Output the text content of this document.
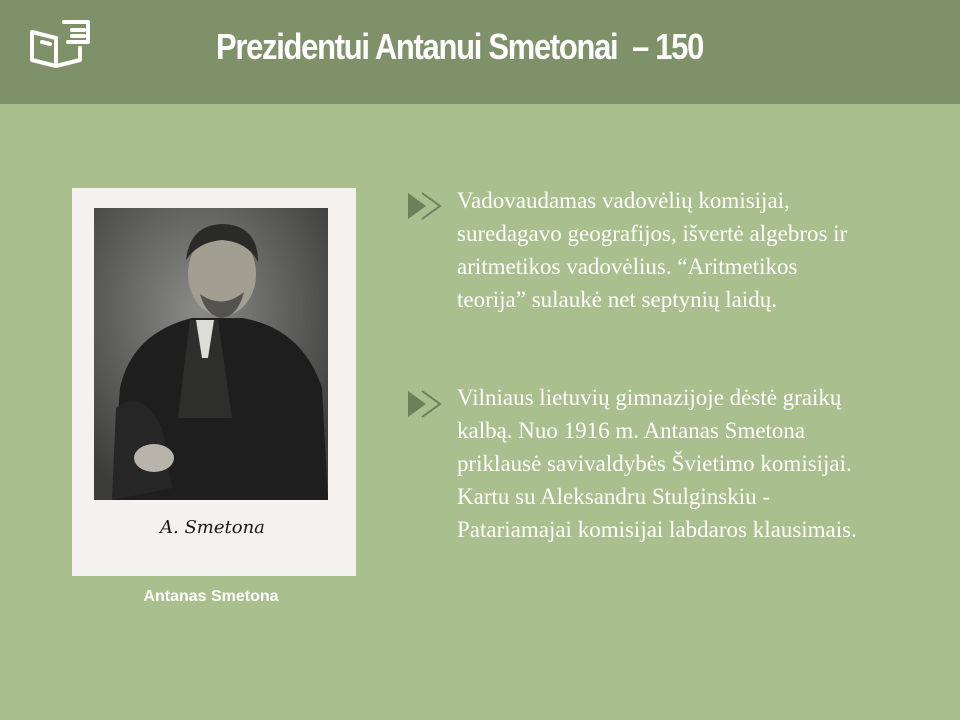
Prezidentui Antanui Smetonai  – 150
A. Smetona
Antanas Smetona
Vadovaudamas vadovėlių komisijai, suredagavo geografijos, išvertė algebros ir aritmetikos vadovėlius. “Aritmetikos teorija” sulaukė net septynių laidų.
Vilniaus lietuvių gimnazijoje dėstė graikų kalbą. Nuo 1916 m. Antanas Smetona priklausė savivaldybės Švietimo komisijai. Kartu su Aleksandru Stulginskiu - Patariamajai komisijai labdaros klausimais.
